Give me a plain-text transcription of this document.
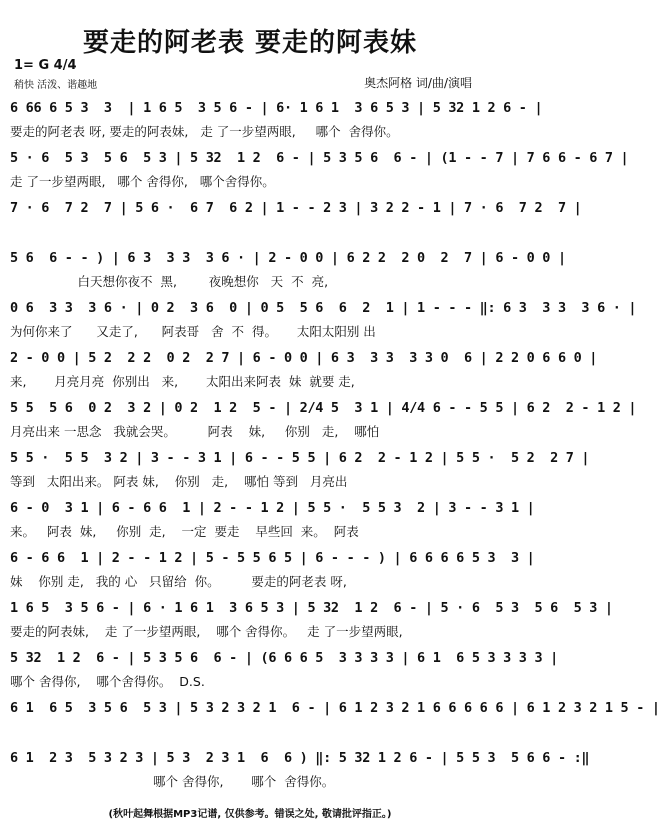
要走的阿老表 要走的阿表妹
1= G 4/4
稍快 活泼、谐趣地	奥杰阿格 词/曲/演唱
6 66 6 5 3  3  | 1 6 5  3 5 6 - | 6· 1 6 1  3 6 5 3 | 5 32 1 2 6 - |
要走的阿老表 呀, 要走的阿表妹,   走 了一步望两眼,     哪个  舍得你。
5 · 6  5 3  5 6  5 3 | 5 32  1 2  6 - | 5 3 5 6  6 - | (1 - - 7 | 7 6 6 - 6 7 |
走 了一步望两眼,   哪个 舍得你,   哪个舍得你。
7 · 6  7 2  7 | 5 6 ·  6 7  6 2 | 1 - - 2 3 | 3 2 2 - 1 | 7 · 6  7 2  7 |
5 6  6 - - ) | 6 3  3 3  3 6 · | 2 - 0 0 | 6 2 2  2 0  2  7 | 6 - 0 0 |
白天想你夜不  黑,        夜晚想你   天  不  亮,
0 6  3 3  3 6 · | 0 2  3 6  0 | 0 5  5 6  6  2  1 | 1 - - - ‖: 6 3  3 3  3 6 · |
为何你来了      又走了,      阿表哥   舍  不  得。     太阳太阳别 出
2 - 0 0 | 5 2  2 2  0 2  2 7 | 6 - 0 0 | 6 3  3 3  3 3 0  6 | 2 2 0 6 6 0 |
来,       月亮月亮  你别出   来,       太阳出来阿表  妹  就要 走,
5 5  5 6  0 2  3 2 | 0 2  1 2  5 - | 2/4 5  3 1 | 4/4 6 - - 5 5 | 6 2  2 - 1 2 |
月亮出来 一思念   我就会哭。        阿表    妹,     你别   走,    哪怕
5 5 ·  5 5  3 2 | 3 - - 3 1 | 6 - - 5 5 | 6 2  2 - 1 2 | 5 5 ·  5 2  2 7 |
等到   太阳出来。 阿表 妹,    你别   走,    哪怕 等到   月亮出
6 - 0  3 1 | 6 - 6 6  1 | 2 - - 1 2 | 5 5 ·  5 5 3  2 | 3 - - 3 1 |
来。   阿表  妹,     你别  走,    一定  要走    早些回  来。  阿表
6 - 6 6  1 | 2 - - 1 2 | 5 - 5 5 6 5 | 6 - - - ) | 6 6 6 6 5 3  3 |
妹    你别 走,   我的 心   只留给  你。        要走的阿老表 呀,
1 6 5  3 5 6 - | 6 · 1 6 1  3 6 5 3 | 5 32  1 2  6 - | 5 · 6  5 3  5 6  5 3 |
要走的阿表妹,    走 了一步望两眼,    哪个 舍得你。   走 了一步望两眼,
5 32  1 2  6 - | 5 3 5 6  6 - | (6 6 6 5  3 3 3 3 | 6 1  6 5 3 3 3 3 |
哪个 舍得你,    哪个舍得你。  D.S.
6 1  6 5  3 5 6  5 3 | 5 3 2 3 2 1  6 - | 6 1 2 3 2 1 6 6 6 6 6 | 6 1 2 3 2 1 5 - |
6 1  2 3  5 3 2 3 | 5 3  2 3 1  6  6 ) ‖: 5 32 1 2 6 - | 5 5 3  5 6 6 - :‖
哪个 舍得你,       哪个  舍得你。
(秋叶起舞根据MP3记谱, 仅供参考。错误之处, 敬请批评指正。)
